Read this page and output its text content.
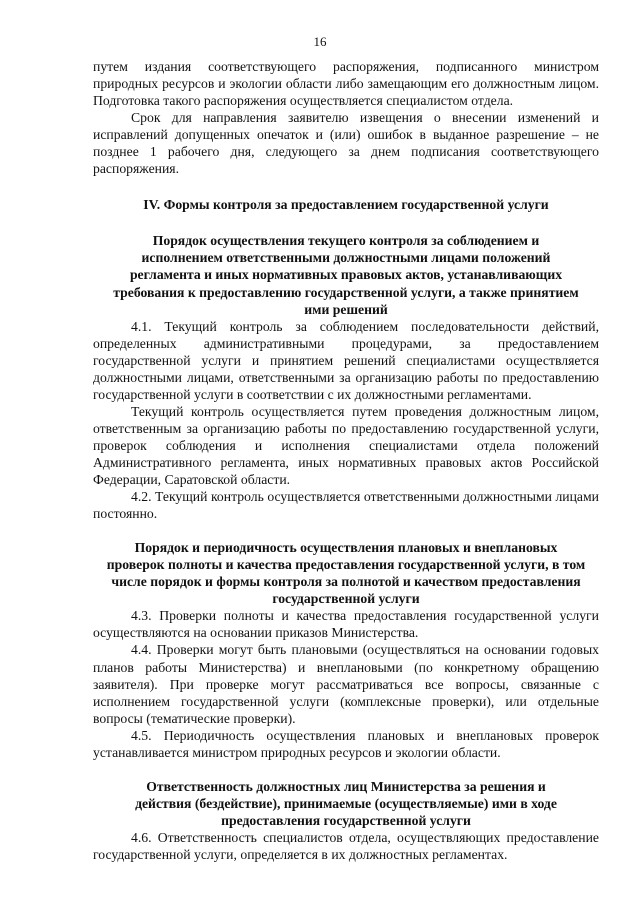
16

путем издания соответствующего распоряжения, подписанного министром природных ресурсов и экологии области либо замещающим его должностным лицом. Подготовка такого распоряжения осуществляется специалистом отдела.

Срок для направления заявителю извещения о внесении изменений и исправлений допущенных опечаток и (или) ошибок в выданное разрешение – не позднее 1 рабочего дня, следующего за днем подписания соответствующего распоряжения.

IV. Формы контроля за предоставлением государственной услуги

Порядок осуществления текущего контроля за соблюдением и исполнением ответственными должностными лицами положений регламента и иных нормативных правовых актов, устанавливающих требования к предоставлению государственной услуги, а также принятием ими решений

4.1. Текущий контроль за соблюдением последовательности действий, определенных административными процедурами, за предоставлением государственной услуги и принятием решений специалистами осуществляется должностными лицами, ответственными за организацию работы по предоставлению государственной услуги в соответствии с их должностными регламентами.

Текущий контроль осуществляется путем проведения должностным лицом, ответственным за организацию работы по предоставлению государственной услуги, проверок соблюдения и исполнения специалистами отдела положений Административного регламента, иных нормативных правовых актов Российской Федерации, Саратовской области.

4.2. Текущий контроль осуществляется ответственными должностными лицами постоянно.

Порядок и периодичность осуществления плановых и внеплановых проверок полноты и качества предоставления государственной услуги, в том числе порядок и формы контроля за полнотой и качеством предоставления государственной услуги

4.3. Проверки полноты и качества предоставления государственной услуги осуществляются на основании приказов Министерства.

4.4. Проверки могут быть плановыми (осуществляться на основании годовых планов работы Министерства) и внеплановыми (по конкретному обращению заявителя). При проверке могут рассматриваться все вопросы, связанные с исполнением государственной услуги (комплексные проверки), или отдельные вопросы (тематические проверки).

4.5. Периодичность осуществления плановых и внеплановых проверок устанавливается министром природных ресурсов и экологии области.

Ответственность должностных лиц Министерства за решения и действия (бездействие), принимаемые (осуществляемые) ими в ходе предоставления государственной услуги

4.6. Ответственность специалистов отдела, осуществляющих предоставление государственной услуги, определяется в их должностных регламентах.
